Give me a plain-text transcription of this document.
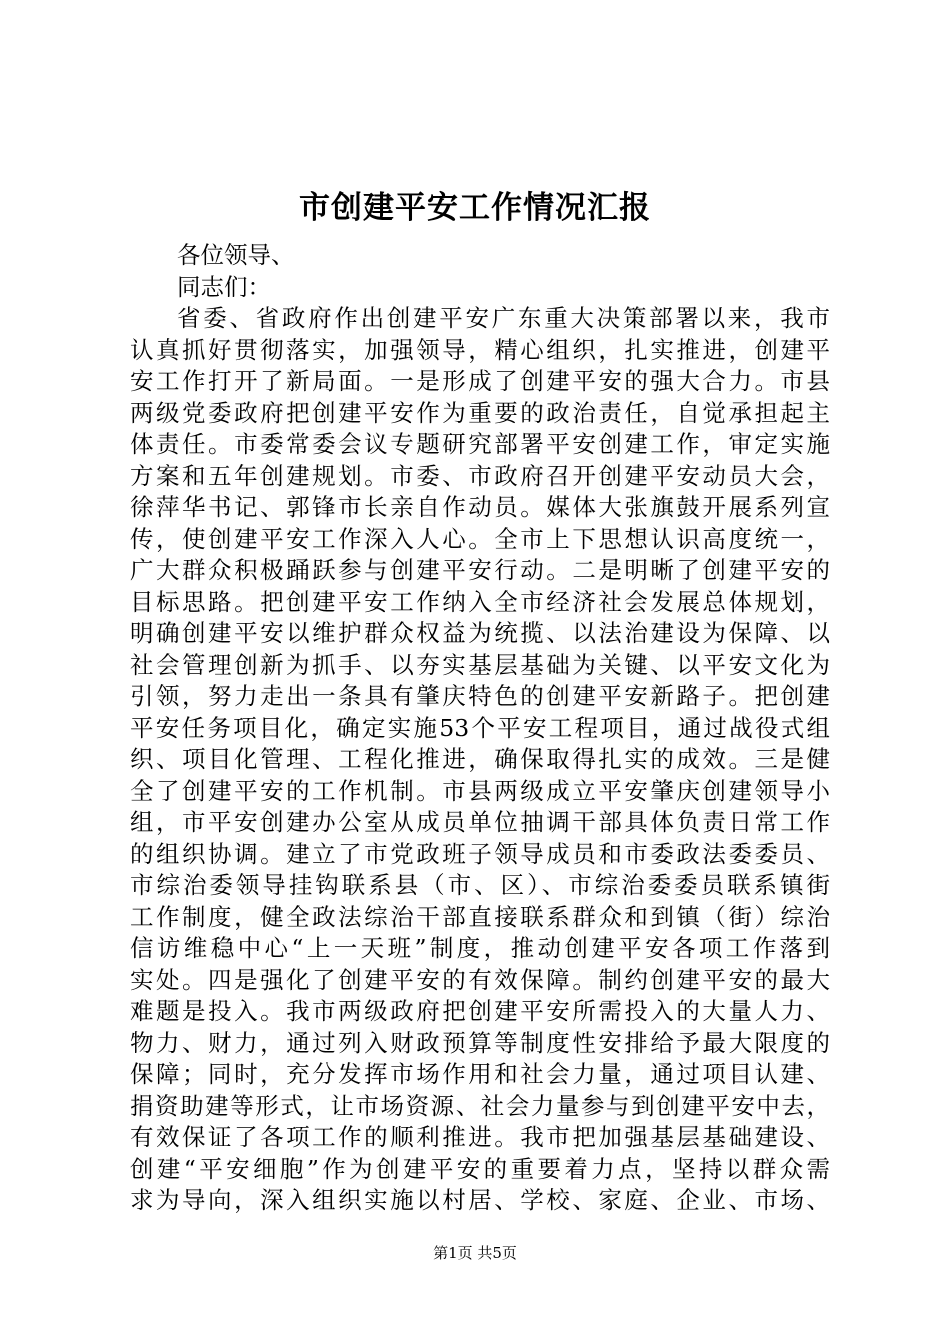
市创建平安工作情况汇报
各位领导、
同志们：
省委、省政府作出创建平安广东重大决策部署以来，我市
认真抓好贯彻落实，加强领导，精心组织，扎实推进，创建平
安工作打开了新局面。一是形成了创建平安的强大合力。市县
两级党委政府把创建平安作为重要的政治责任，自觉承担起主
体责任。市委常委会议专题研究部署平安创建工作，审定实施
方案和五年创建规划。市委、市政府召开创建平安动员大会，
徐萍华书记、郭锋市长亲自作动员。媒体大张旗鼓开展系列宣
传，使创建平安工作深入人心。全市上下思想认识高度统一，
广大群众积极踊跃参与创建平安行动。二是明晰了创建平安的
目标思路。把创建平安工作纳入全市经济社会发展总体规划，
明确创建平安以维护群众权益为统揽、以法治建设为保障、以
社会管理创新为抓手、以夯实基层基础为关键、以平安文化为
引领，努力走出一条具有肇庆特色的创建平安新路子。把创建
平安任务项目化，确定实施53个平安工程项目，通过战役式组
织、项目化管理、工程化推进，确保取得扎实的成效。三是健
全了创建平安的工作机制。市县两级成立平安肇庆创建领导小
组，市平安创建办公室从成员单位抽调干部具体负责日常工作
的组织协调。建立了市党政班子领导成员和市委政法委委员、
市综治委领导挂钩联系县（市、区）、市综治委委员联系镇街
工作制度，健全政法综治干部直接联系群众和到镇（街）综治
信访维稳中心“上一天班”制度，推动创建平安各项工作落到
实处。四是强化了创建平安的有效保障。制约创建平安的最大
难题是投入。我市两级政府把创建平安所需投入的大量人力、
物力、财力，通过列入财政预算等制度性安排给予最大限度的
保障；同时，充分发挥市场作用和社会力量，通过项目认建、
捐资助建等形式，让市场资源、社会力量参与到创建平安中去，
有效保证了各项工作的顺利推进。我市把加强基层基础建设、
创建“平安细胞”作为创建平安的重要着力点，坚持以群众需
求为导向，深入组织实施以村居、学校、家庭、企业、市场、
第1页 共5页
